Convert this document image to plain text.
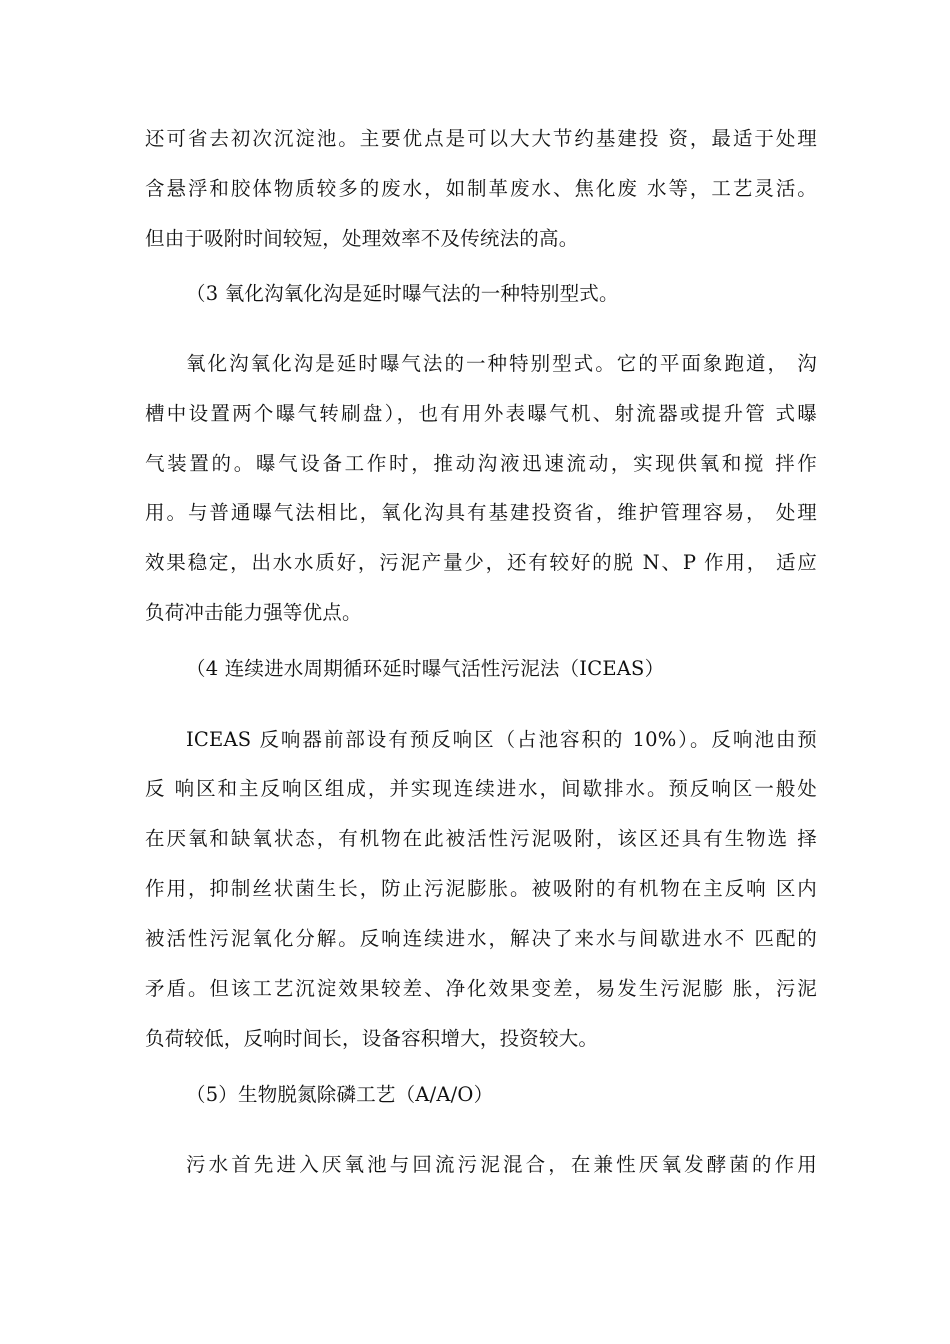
还可省去初次沉淀池。主要优点是可以大大节约基建投 资，最适于处理
含悬浮和胶体物质较多的废水，如制革废水、焦化废 水等，工艺灵活。
但由于吸附时间较短，处理效率不及传统法的高。
（3 氧化沟氧化沟是延时曝气法的一种特别型式。
氧化沟氧化沟是延时曝气法的一种特别型式。它的平面象跑道， 沟
槽中设置两个曝气转刷盘），也有用外表曝气机、射流器或提升管 式曝
气装置的。曝气设备工作时，推动沟液迅速流动，实现供氧和搅 拌作
用。与普通曝气法相比，氧化沟具有基建投资省，维护管理容易， 处理
效果稳定，出水水质好，污泥产量少，还有较好的脱 N、P 作用， 适应
负荷冲击能力强等优点。
（4 连续进水周期循环延时曝气活性污泥法（ICEAS）
ICEAS 反响器前部设有预反响区（占池容积的 10%）。反响池由预
反 响区和主反响区组成，并实现连续进水，间歇排水。预反响区一般处
在厌氧和缺氧状态，有机物在此被活性污泥吸附，该区还具有生物选 择
作用，抑制丝状菌生长，防止污泥膨胀。被吸附的有机物在主反响 区内
被活性污泥氧化分解。反响连续进水，解决了来水与间歇进水不 匹配的
矛盾。但该工艺沉淀效果较差、净化效果变差，易发生污泥膨 胀，污泥
负荷较低，反响时间长，设备容积增大，投资较大。
（5）生物脱氮除磷工艺（A/A/O）
污水首先进入厌氧池与回流污泥混合，在兼性厌氧发酵菌的作用
